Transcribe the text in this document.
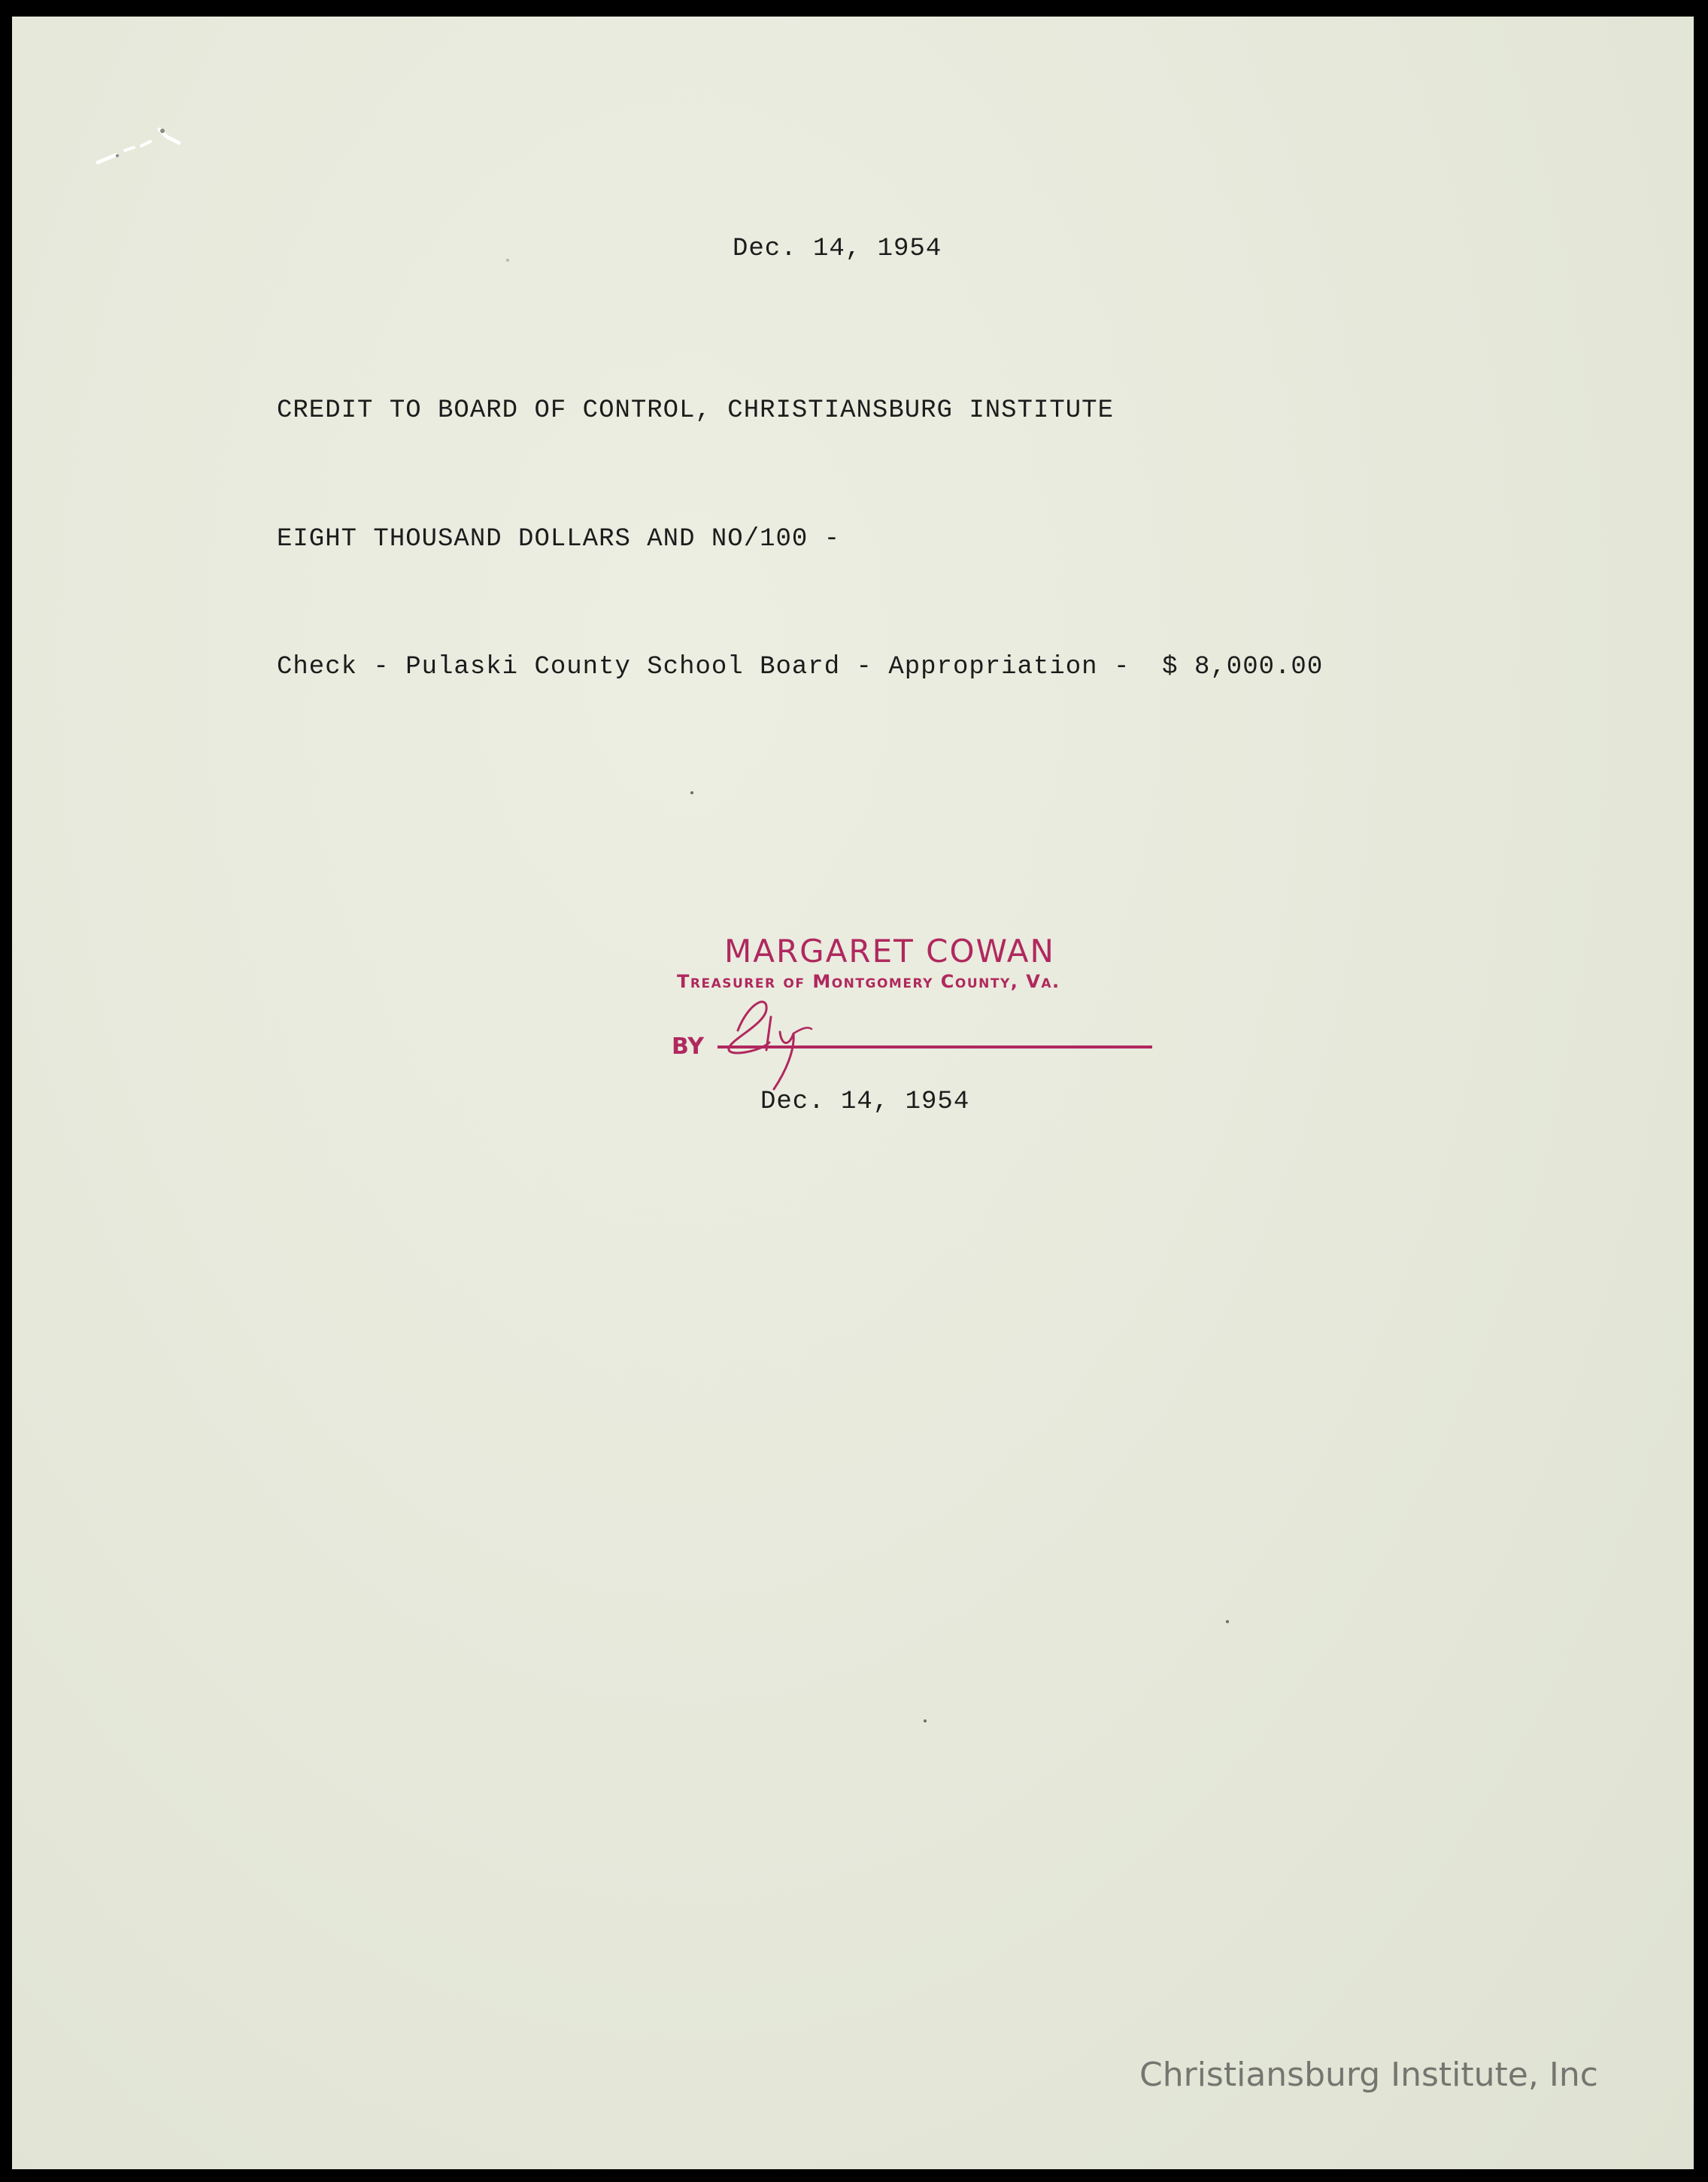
Dec. 14, 1954
CREDIT TO BOARD OF CONTROL, CHRISTIANSBURG INSTITUTE
EIGHT THOUSAND DOLLARS AND NO/100 -
Check - Pulaski County School Board - Appropriation -  $ 8,000.00
MARGARET COWAN
Treasurer of Montgomery County, Va.
BY
Dec. 14, 1954
Christiansburg Institute, Inc
